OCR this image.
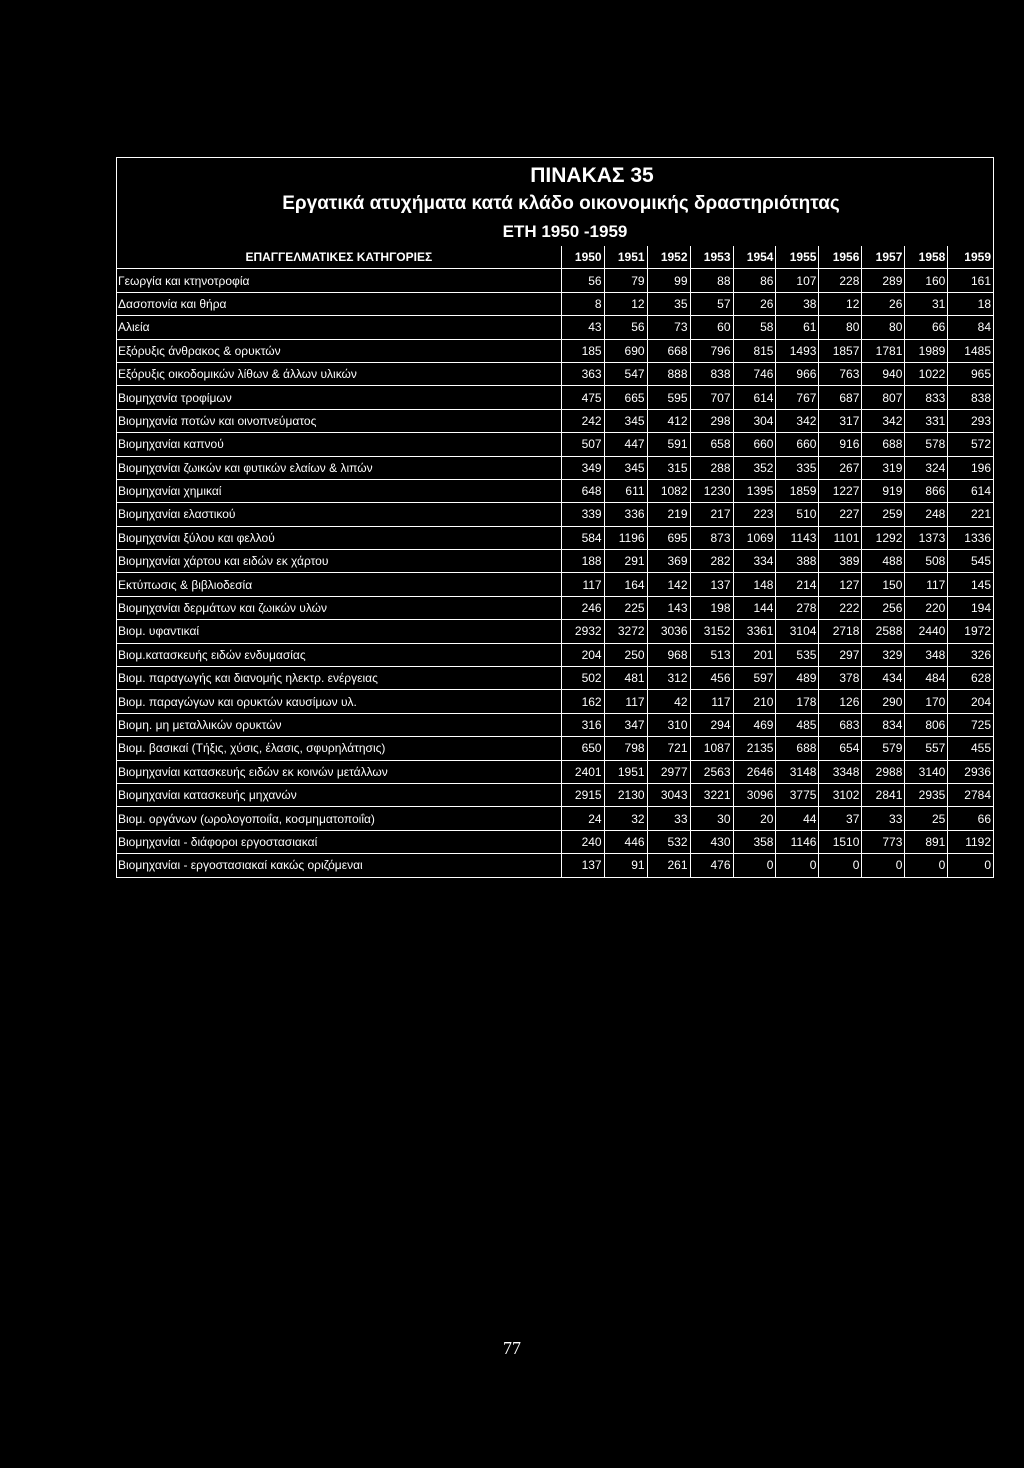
ΠΙΝΑΚΑΣ 35
Εργατικά ατυχήματα κατά κλάδο οικονομικής δραστηριότητας
ΕΤΗ 1950 -1959
ΕΠΑΓΓΕΛΜΑΤΙΚΕΣ ΚΑΤΗΓΟΡΙΕΣ	1950	1951	1952	1953	1954	1955	1956	1957	1958	1959
Γεωργία και κτηνοτροφία	56	79	99	88	86	107	228	289	160	161
Δασοπονία και θήρα	8	12	35	57	26	38	12	26	31	18
Αλιεία	43	56	73	60	58	61	80	80	66	84
Εξόρυξις άνθρακος & ορυκτών	185	690	668	796	815	1493	1857	1781	1989	1485
Εξόρυξις οικοδομικών λίθων & άλλων υλικών	363	547	888	838	746	966	763	940	1022	965
Βιομηχανία τροφίμων	475	665	595	707	614	767	687	807	833	838
Βιομηχανία ποτών και οινοπνεύματος	242	345	412	298	304	342	317	342	331	293
Βιομηχανίαι καπνού	507	447	591	658	660	660	916	688	578	572
Βιομηχανίαι ζωικών και φυτικών ελαίων & λιπών	349	345	315	288	352	335	267	319	324	196
Βιομηχανίαι χημικαί	648	611	1082	1230	1395	1859	1227	919	866	614
Βιομηχανίαι ελαστικού	339	336	219	217	223	510	227	259	248	221
Βιομηχανίαι ξύλου και φελλού	584	1196	695	873	1069	1143	1101	1292	1373	1336
Βιομηχανίαι χάρτου και ειδών εκ χάρτου	188	291	369	282	334	388	389	488	508	545
Εκτύπωσις & βιβλιοδεσία	117	164	142	137	148	214	127	150	117	145
Βιομηχανίαι δερμάτων και ζωικών υλών	246	225	143	198	144	278	222	256	220	194
Βιομ. υφαντικαί	2932	3272	3036	3152	3361	3104	2718	2588	2440	1972
Βιομ.κατασκευής ειδών ενδυμασίας	204	250	968	513	201	535	297	329	348	326
Βιομ. παραγωγής και διανομής ηλεκτρ. ενέργειας	502	481	312	456	597	489	378	434	484	628
Βιομ. παραγώγων και ορυκτών καυσίμων υλ.	162	117	42	117	210	178	126	290	170	204
Βιομη. μη μεταλλικών ορυκτών	316	347	310	294	469	485	683	834	806	725
Βιομ. βασικαί (Τήξις, χύσις, έλασις, σφυρηλάτησις)	650	798	721	1087	2135	688	654	579	557	455
Βιομηχανίαι κατασκευής ειδών εκ κοινών μετάλλων	2401	1951	2977	2563	2646	3148	3348	2988	3140	2936
Βιομηχανίαι κατασκευής μηχανών	2915	2130	3043	3221	3096	3775	3102	2841	2935	2784
Βιομ. οργάνων (ωρολογοποιΐα, κοσμηματοποιΐα)	24	32	33	30	20	44	37	33	25	66
Βιομηχανίαι - διάφοροι εργοστασιακαί	240	446	532	430	358	1146	1510	773	891	1192
Βιομηχανίαι - εργοστασιακαί κακώς οριζόμεναι	137	91	261	476	0	0	0	0	0	0
77
